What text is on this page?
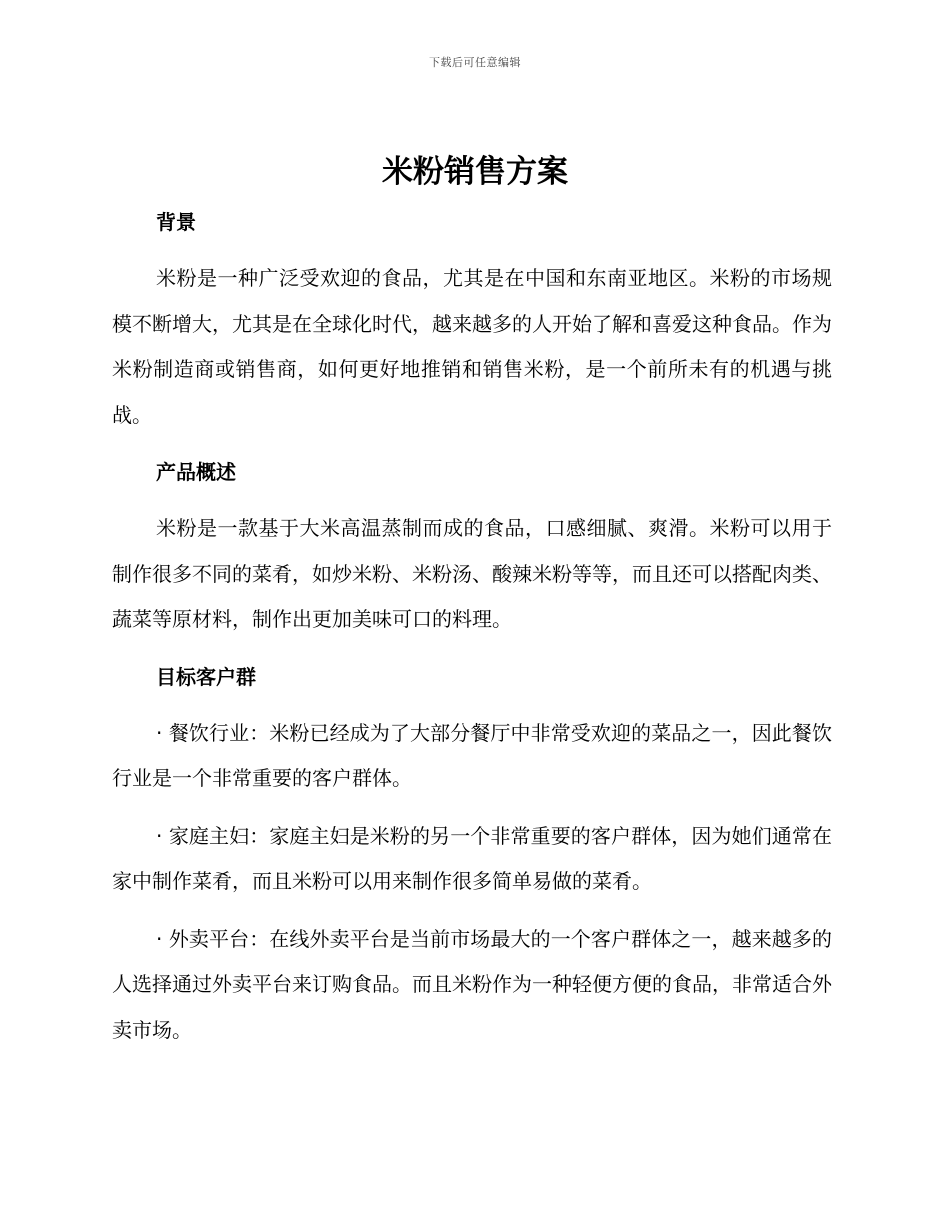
下载后可任意编辑
米粉销售方案
背景

米粉是一种广泛受欢迎的食品，尤其是在中国和东南亚地区。米粉的市场规模不断增大，尤其是在全球化时代，越来越多的人开始了解和喜爱这种食品。作为米粉制造商或销售商，如何更好地推销和销售米粉，是一个前所未有的机遇与挑战。

产品概述

米粉是一款基于大米高温蒸制而成的食品，口感细腻、爽滑。米粉可以用于制作很多不同的菜肴，如炒米粉、米粉汤、酸辣米粉等等，而且还可以搭配肉类、蔬菜等原材料，制作出更加美味可口的料理。

目标客户群

· 餐饮行业：米粉已经成为了大部分餐厅中非常受欢迎的菜品之一，因此餐饮行业是一个非常重要的客户群体。

· 家庭主妇：家庭主妇是米粉的另一个非常重要的客户群体，因为她们通常在家中制作菜肴，而且米粉可以用来制作很多简单易做的菜肴。

· 外卖平台：在线外卖平台是当前市场最大的一个客户群体之一，越来越多的人选择通过外卖平台来订购食品。而且米粉作为一种轻便方便的食品，非常适合外卖市场。
